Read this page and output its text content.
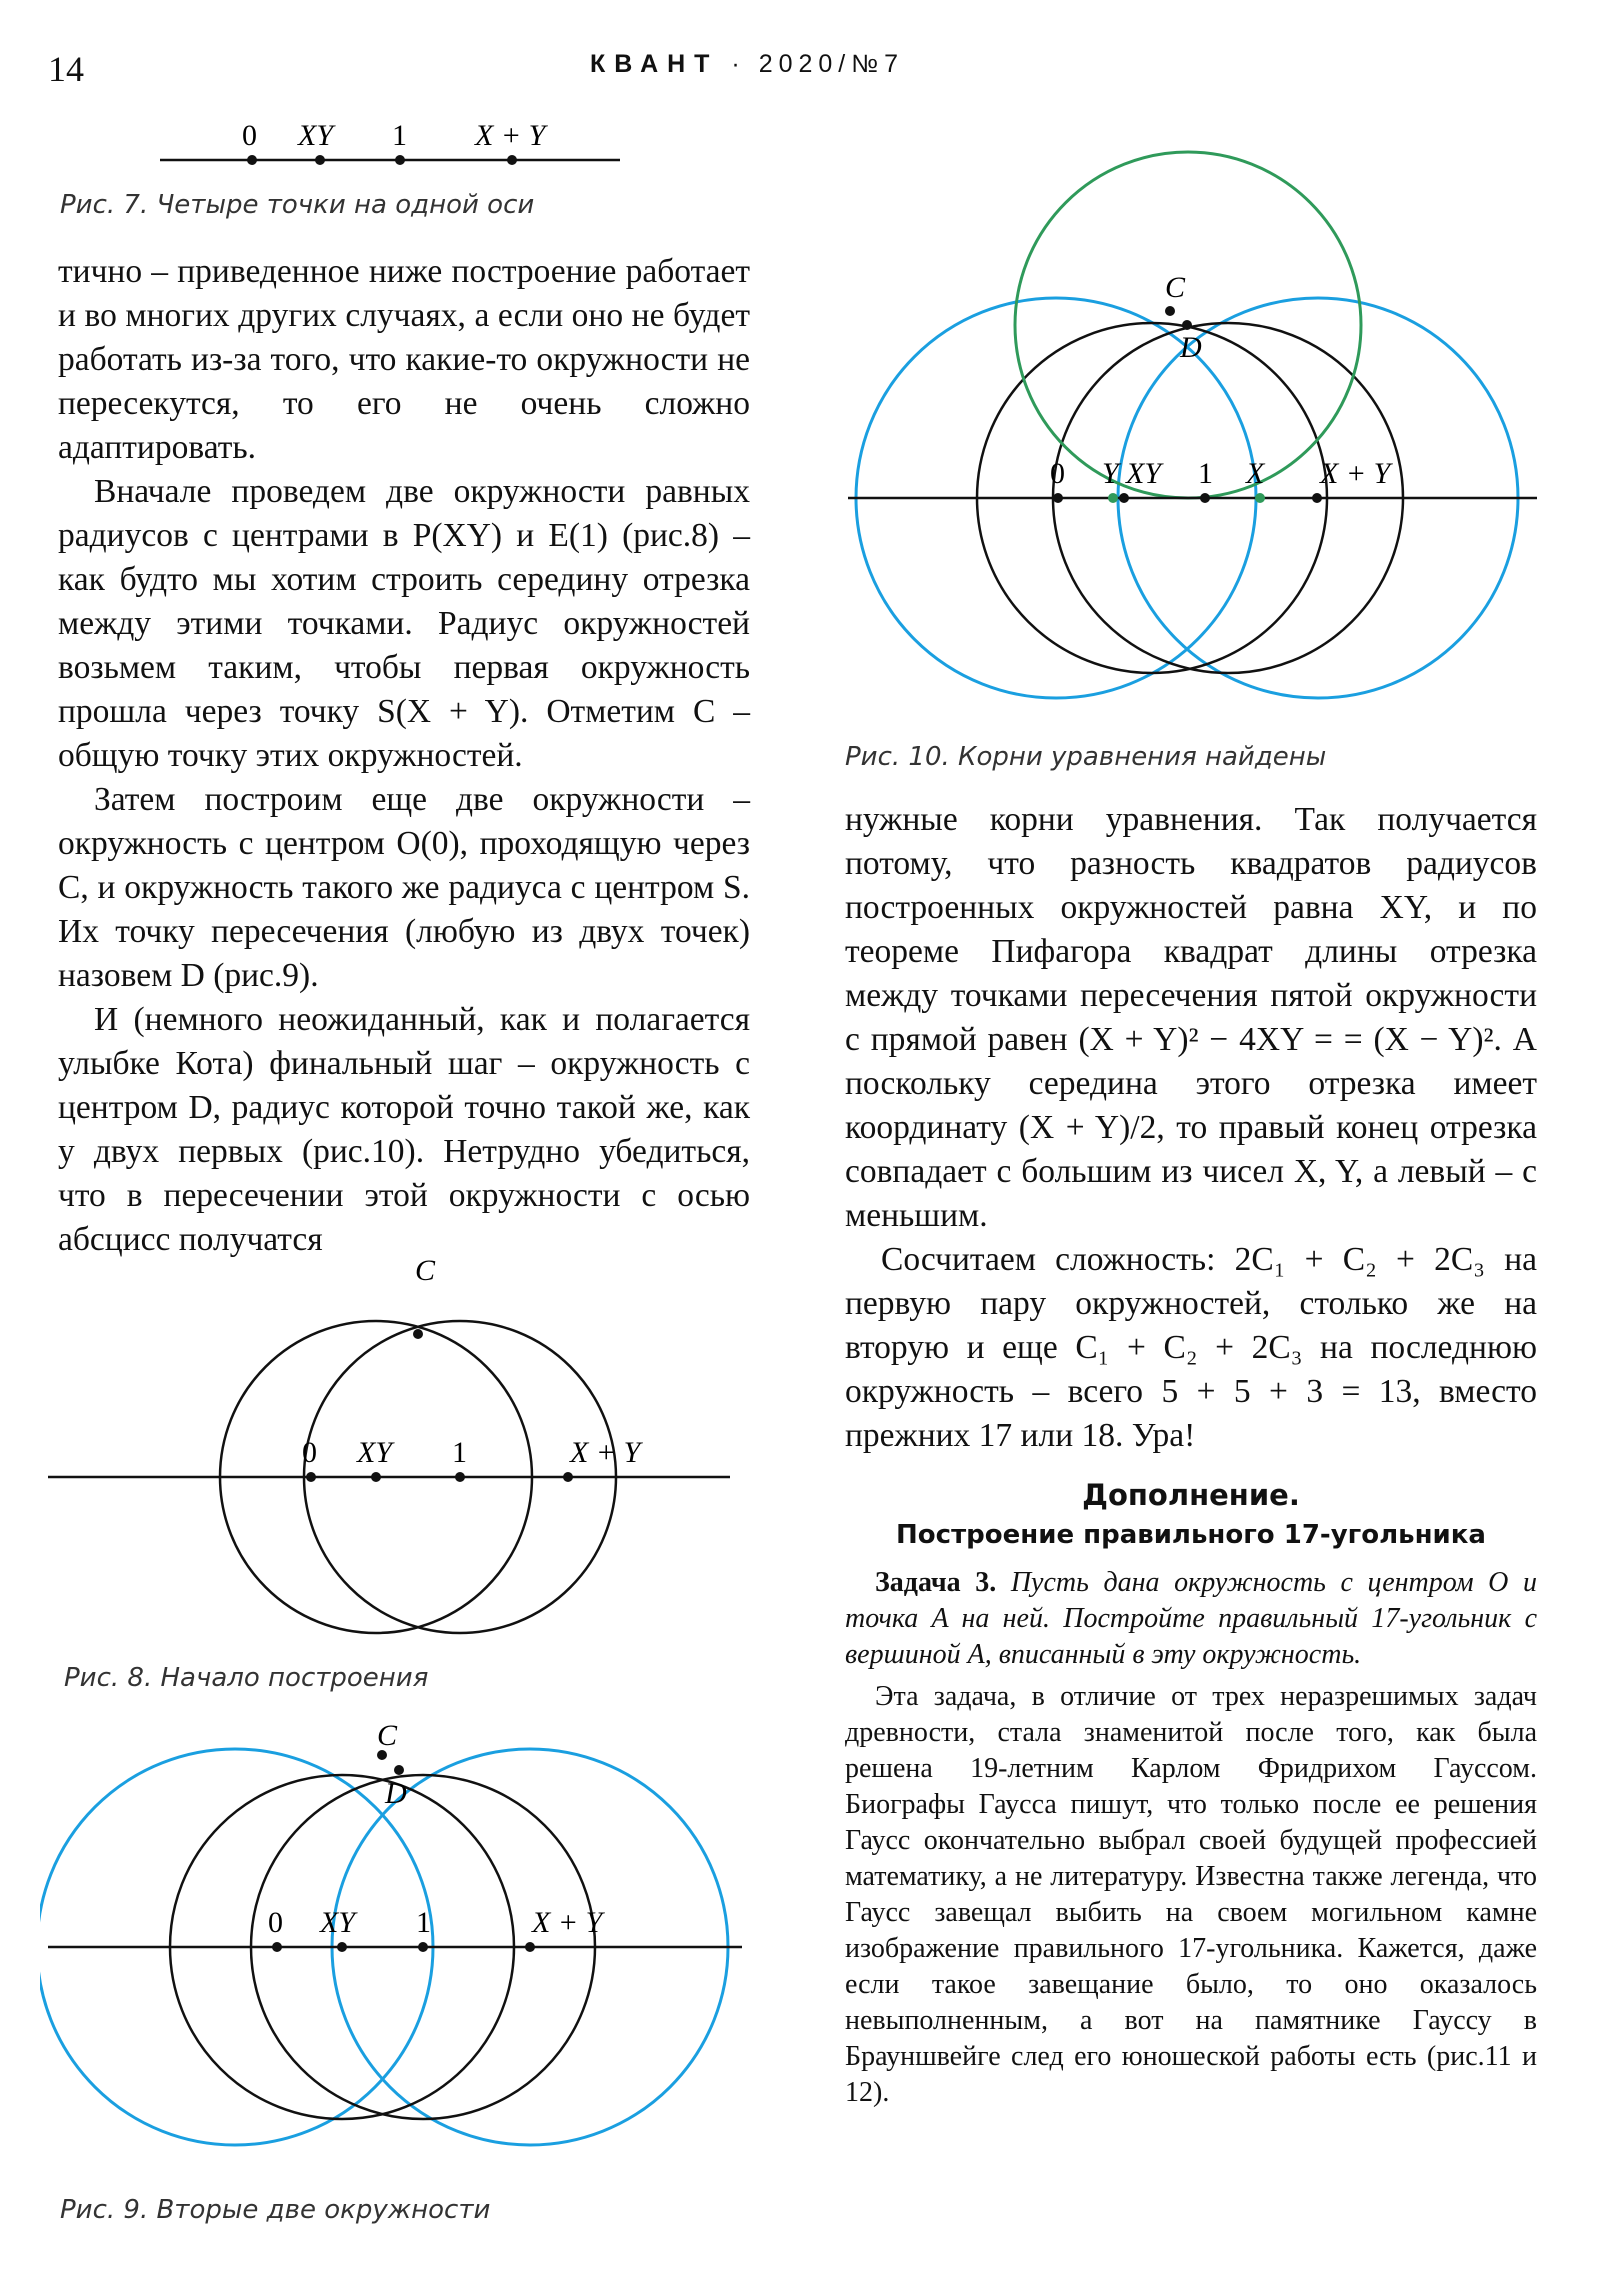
14	КВАНТ · 2020/№7
0 XY 1 X + Y
Рис. 7. Четыре точки на одной оси

тично – приведенное ниже построение работает и во многих других случаях, а если оно не будет работать из-за того, что какие-то окружности не пересекутся, то его не очень сложно адаптировать.

Вначале проведем две окружности равных радиусов с центрами в P(XY) и E(1) (рис.8) – как будто мы хотим строить середину отрезка между этими точками. Радиус окружностей возьмем таким, чтобы первая окружность прошла через точку S(X + Y). Отметим C – общую точку этих окружностей.

Затем построим еще две окружности – окружность с центром O(0), проходящую через C, и окружность такого же радиуса с центром S. Их точку пересечения (любую из двух точек) назовем D (рис.9).

И (немного неожиданный, как и полагается улыбке Кота) финальный шаг – окружность с центром D, радиус которой точно такой же, как у двух первых (рис.10). Нетрудно убедиться, что в пересечении этой окружности с осью абсцисс получатся

C
0 XY 1	X + Y
Рис. 8. Начало построения
C
D
0 XY 1	X + Y
Рис. 9. Вторые две окружности
C
D
0 Y XY 1 X X + Y
Рис. 10. Корни уравнения найдены

нужные корни уравнения. Так получается потому, что разность квадратов радиусов построенных окружностей равна XY, и по теореме Пифагора квадрат длины отрезка между точками пересечения пятой окружности с прямой равен (X + Y)² − 4XY = = (X − Y)². А поскольку середина этого отрезка имеет координату (X + Y)/2, то правый конец отрезка совпадает с большим из чисел X, Y, а левый – с меньшим.

Сосчитаем сложность: 2C₁ + C₂ + 2C₃ на первую пару окружностей, столько же на вторую и еще C₁ + C₂ + 2C₃ на последнюю окружность – всего 5 + 5 + 3 = 13, вместо прежних 17 или 18. Ура!

Дополнение.
Построение правильного 17-угольника

Задача 3. Пусть дана окружность с центром O и точка A на ней. Постройте правильный 17-угольник с вершиной A, вписанный в эту окружность.

Эта задача, в отличие от трех неразрешимых задач древности, стала знаменитой после того, как была решена 19-летним Карлом Фридрихом Гауссом. Биографы Гаусса пишут, что только после ее решения Гаусс окончательно выбрал своей будущей профессией математику, а не литературу. Известна также легенда, что Гаусс завещал выбить на своем могильном камне изображение правильного 17-угольника. Кажется, даже если такое завещание было, то оно оказалось невыполненным, а вот на памятнике Гауссу в Брауншвейге след его юношеской работы есть (рис.11 и 12).
